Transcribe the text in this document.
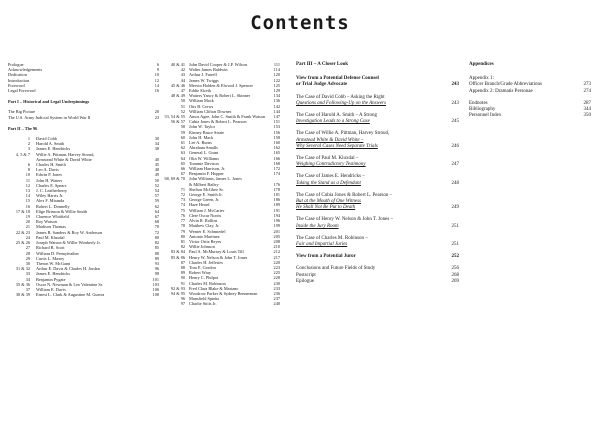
Contents
Prologue	6
Acknowledgements	9
Dedication	10
Introduction	12
Foreword	14
Legal Foreword	16
Part I – Historical and Legal Underpinnings
The Big Picture	20
The U.S. Army Judicial System in World War II	23
Part II – The 96
1	David Cobb	30
2	Harold A. Smith	34
3	James E. Hendricks	38
4, 5 & 7	Willie A. Pittman, Harvey Stroud,
Armstead White & David White	40
6	Charles H. Smith	45
8	Leo A. Davis	48
10	Edwin P. Jones	49
11	John H. Waters	50
12	Charles E. Spears	52
13	J. C. Leatherberry	54
14	Wiley Harris Jr.	57
15	Alex F. Miranda	59
16	Robert L. Donnelly	62
17 & 18	Elige Brinson & Willie Smith	64
19	Clarence Whitfield	67
20	Roy Watson	68
21	Madison Thomas	70
22 & 23	James B. Sanders & Roy W. Anderson	72
24	Paul M. Kluxdal	80
25 & 26	Joseph Watson & Willie Wimberly Jr.	82
27	Richard B. Scott	85
28	William D. Pennyfeather	88
29	Curtis L. Maxey	89
30	Theron W. McGann	93
31 & 32	Arthur E. Davis & Charles H. Jordan	96
33	James E. Hendricks	98
34	Benjamin Pygate	101
35 & 36	Oscar N. Newman & Leo Valentine Sr.	103
37	William E. Davis	106
38 & 39	Ernest L. Clark & Augustine M. Guerra	108
40 & 41 John David Cooper & J.P. Wilson	111
42 Walter James Baldwin	114
43 Arthur J. Farrell	120
44 James W. Twiggs	122
45 & 46 Mervin Holden & Elwood J. Spencer	125
47 Eddie Slovik	129
48 & 49 Waiters Yancy & Robert L. Skinner	134
50 William Mack	136
51 Otis B. Crews	142
52 William Clifton Downes	144
53, 54 & 55 Amos Agee, John C. Smith & Frank Watson	147
56 & 57 Cubia Jones & Robert L. Pearson	151
58 John W. Taylor	153
59 Kinney Bruce Strate	156
60 John H. Mack	158
61 Lee A. Burns	160
62 Abraham Smalls	162
63 General L. Grant	165
64 Olin W. Williams	166
65 Tommie Davison	168
66 William Harrison, Jr.	172
67 Benjamin F. Hopper	174
68, 69 & 70 John Williams, James L. Jones
& Milbert Bailey	176
71 Shelton McGhee Sr.	178
72 George E. Smith Jr.	181
73 George Green, Jr.	186
74 Haze Heard	189
75 William J. McCarter	191
76 Clete Oscar Norris	194
77 Alvin R. Rollins	196
78 Matthew Clay, Jr.	199
79 Werner E. Schmiedel	201
80 Antonio Martinez	205
81 Victor Ortiz Reyes	208
82 Willie Johnson	210
83 & 84 Paul A. McMurray & Louis Till	212
85 & 86 Henry W. Nelson & John T. Jones	217
87 Charles H. Jefferies	220
88 Tom E. Gordon	223
89 Robert Wray	225
90 Henry C. Philpot	228
91 Charles M. Robinson	230
92 & 93 Fred Clara Blake & Mariano	233
94 & 95 Woodrow Parker & Sydney Bennerman	236
96 Mansfield Spinks	237
97 Charlie Stitts Jr.	240
Part III – A Closer Look
View from a Potential Defense Counsel
or Trial Judge Advocate	243
The Case of David Cobb – Asking the Right
Questions and Following-Up on the Answers	243
The Case of Harold A. Smith – A Strong
Investigation Leads to a Strong Case	245
The Case of Willie A. Pittman, Harvey Stroud,
Armstead White & David White –
Why Several Cases Need Separate Trials	246
The Case of Paul M. Kluxdal –
Weighing Contradictory Testimony	247
The Case of James E. Hendricks –
Taking the Stand as a Defendant	248
The Case of Cubia Jones & Robert L. Pearson –
But at the Mouth of One Witness
He Shall Not Be Put to Death	249
The Case of Henry W. Nelson & John T. Jones –
Inside the Jury Room	251
The Case of Charles M. Robinson –
Fair and Impartial Juries	251
View from a Potential Juror	252
Conclusions and Future Fields of Study	256
Postscript	268
Epilogue	269
Appendices
Appendix 1:
Officer Branch/Grade Abbreviations	273
Appendix 2: Dramatis Personae	274
Endnotes	287
Bibliography	344
Personnel Index	350
